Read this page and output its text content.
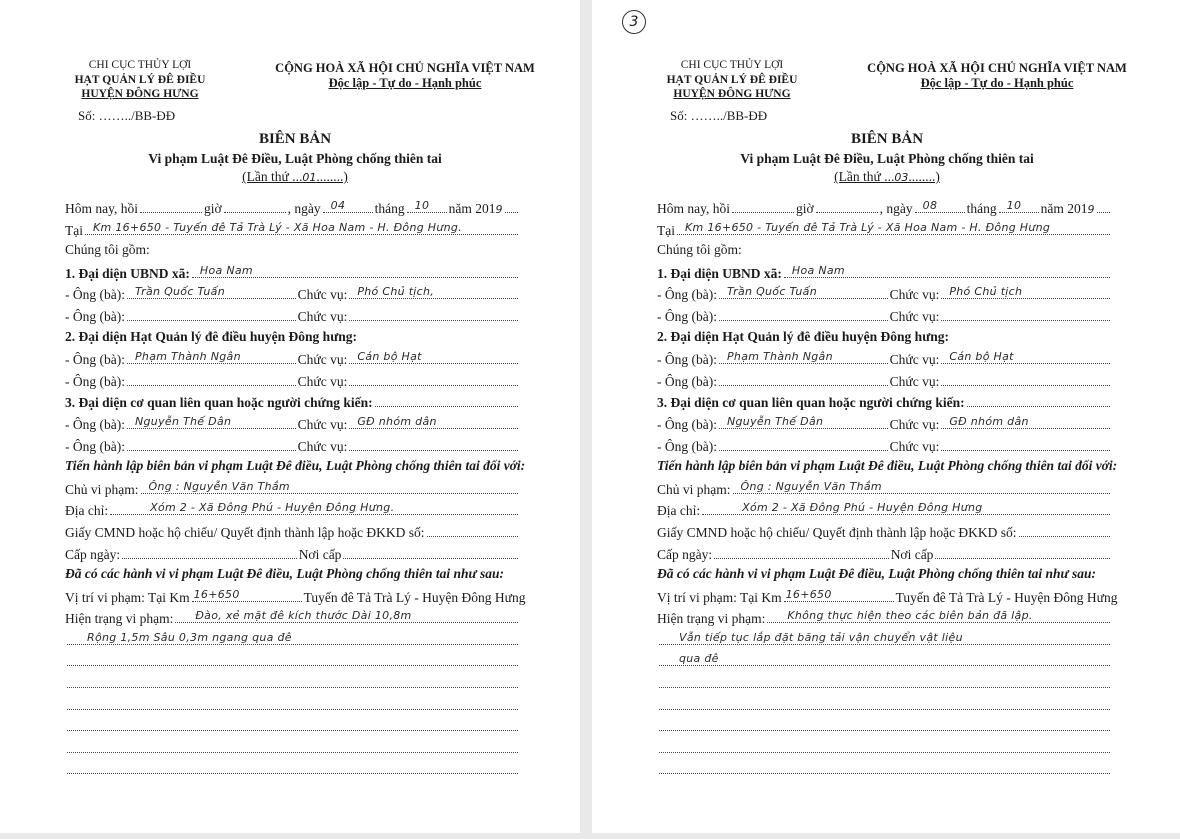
CHI CỤC THỦY LỢI
HẠT QUẢN LÝ ĐÊ ĐIỀU
HUYỆN ĐÔNG HƯNG
Số: ……../BB-ĐĐ
CỘNG HOÀ XÃ HỘI CHỦ NGHĨA VIỆT NAM
Độc lập - Tự do - Hạnh phúc
BIÊN BẢN
Vi phạm Luật Đê Điều, Luật Phòng chống thiên tai
(Lần thứ ...01........)
Hôm nay, hồi	giờ	, ngày 04 tháng 10 năm 201 9
Tại Km 16+650 - Tuyến đê Tả Trà Lý - Xã Hoa Nam - H. Đông Hưng.
Chúng tôi gồm:
1. Đại diện UBND xã: Hoa Nam
- Ông (bà): Trần Quốc Tuấn	Chức vụ: Phó Chủ tịch,
- Ông (bà):	Chức vụ:
2. Đại diện Hạt Quản lý đê điều huyện Đông hưng:
- Ông (bà): Phạm Thành Ngân	Chức vụ: Cán bộ Hạt
- Ông (bà):	Chức vụ:
3. Đại diện cơ quan liên quan hoặc người chứng kiến:
- Ông (bà): Nguyễn Thế Dân	Chức vụ: GĐ nhóm dân
- Ông (bà):	Chức vụ:
Tiến hành lập biên bản vi phạm Luật Đê điều, Luật Phòng chống thiên tai đối với:
Chủ vi phạm: Ông : Nguyễn Văn Thắm
Địa chỉ:	Xóm 2 - Xã Đông Phú - Huyện Đông Hưng.
Giấy CMND hoặc hộ chiếu/ Quyết định thành lập hoặc ĐKKD số:
Cấp ngày:	Nơi cấp
Đã có các hành vi vi phạm Luật Đê điều, Luật Phòng chống thiên tai như sau:
Vị trí vi phạm: Tại Km 16+650	Tuyến đê Tả Trà Lý - Huyện Đông Hưng
Hiện trạng vi phạm: Đào, xẻ mặt đê kích thước Dài 10,8m
Rộng 1,5m Sâu 0,3m ngang qua đê
3
CHI CỤC THỦY LỢI
HẠT QUẢN LÝ ĐÊ ĐIỀU
HUYỆN ĐÔNG HƯNG
Số: ……../BB-ĐĐ
CỘNG HOÀ XÃ HỘI CHỦ NGHĨA VIỆT NAM
Độc lập - Tự do - Hạnh phúc
BIÊN BẢN
Vi phạm Luật Đê Điều, Luật Phòng chống thiên tai
(Lần thứ ...03........)
Hôm nay, hồi	giờ	, ngày 08 tháng 10 năm 201 9
Tại Km 16+650 - Tuyến đê Tả Trà Lý - Xã Hoa Nam - H. Đông Hưng
Chúng tôi gồm:
1. Đại diện UBND xã: Hoa Nam
- Ông (bà): Trần Quốc Tuấn	Chức vụ: Phó Chủ tịch
- Ông (bà):	Chức vụ:
2. Đại diện Hạt Quản lý đê điều huyện Đông hưng:
- Ông (bà): Phạm Thành Ngân	Chức vụ: Cán bộ Hạt
- Ông (bà):	Chức vụ:
3. Đại diện cơ quan liên quan hoặc người chứng kiến:
- Ông (bà): Nguyễn Thế Dân	Chức vụ: GĐ nhóm dân
- Ông (bà):	Chức vụ:
Tiến hành lập biên bản vi phạm Luật Đê điều, Luật Phòng chống thiên tai đối với:
Chủ vi phạm: Ông : Nguyễn Văn Thắm
Địa chỉ:	Xóm 2 - Xã Đông Phú - Huyện Đông Hưng
Giấy CMND hoặc hộ chiếu/ Quyết định thành lập hoặc ĐKKD số:
Cấp ngày:	Nơi cấp
Đã có các hành vi vi phạm Luật Đê điều, Luật Phòng chống thiên tai như sau:
Vị trí vi phạm: Tại Km 16+650	Tuyến đê Tả Trà Lý - Huyện Đông Hưng
Hiện trạng vi phạm: Không thực hiện theo các biên bản đã lập.
Vẫn tiếp tục lắp đặt băng tải vận chuyển vật liệu
qua đê
